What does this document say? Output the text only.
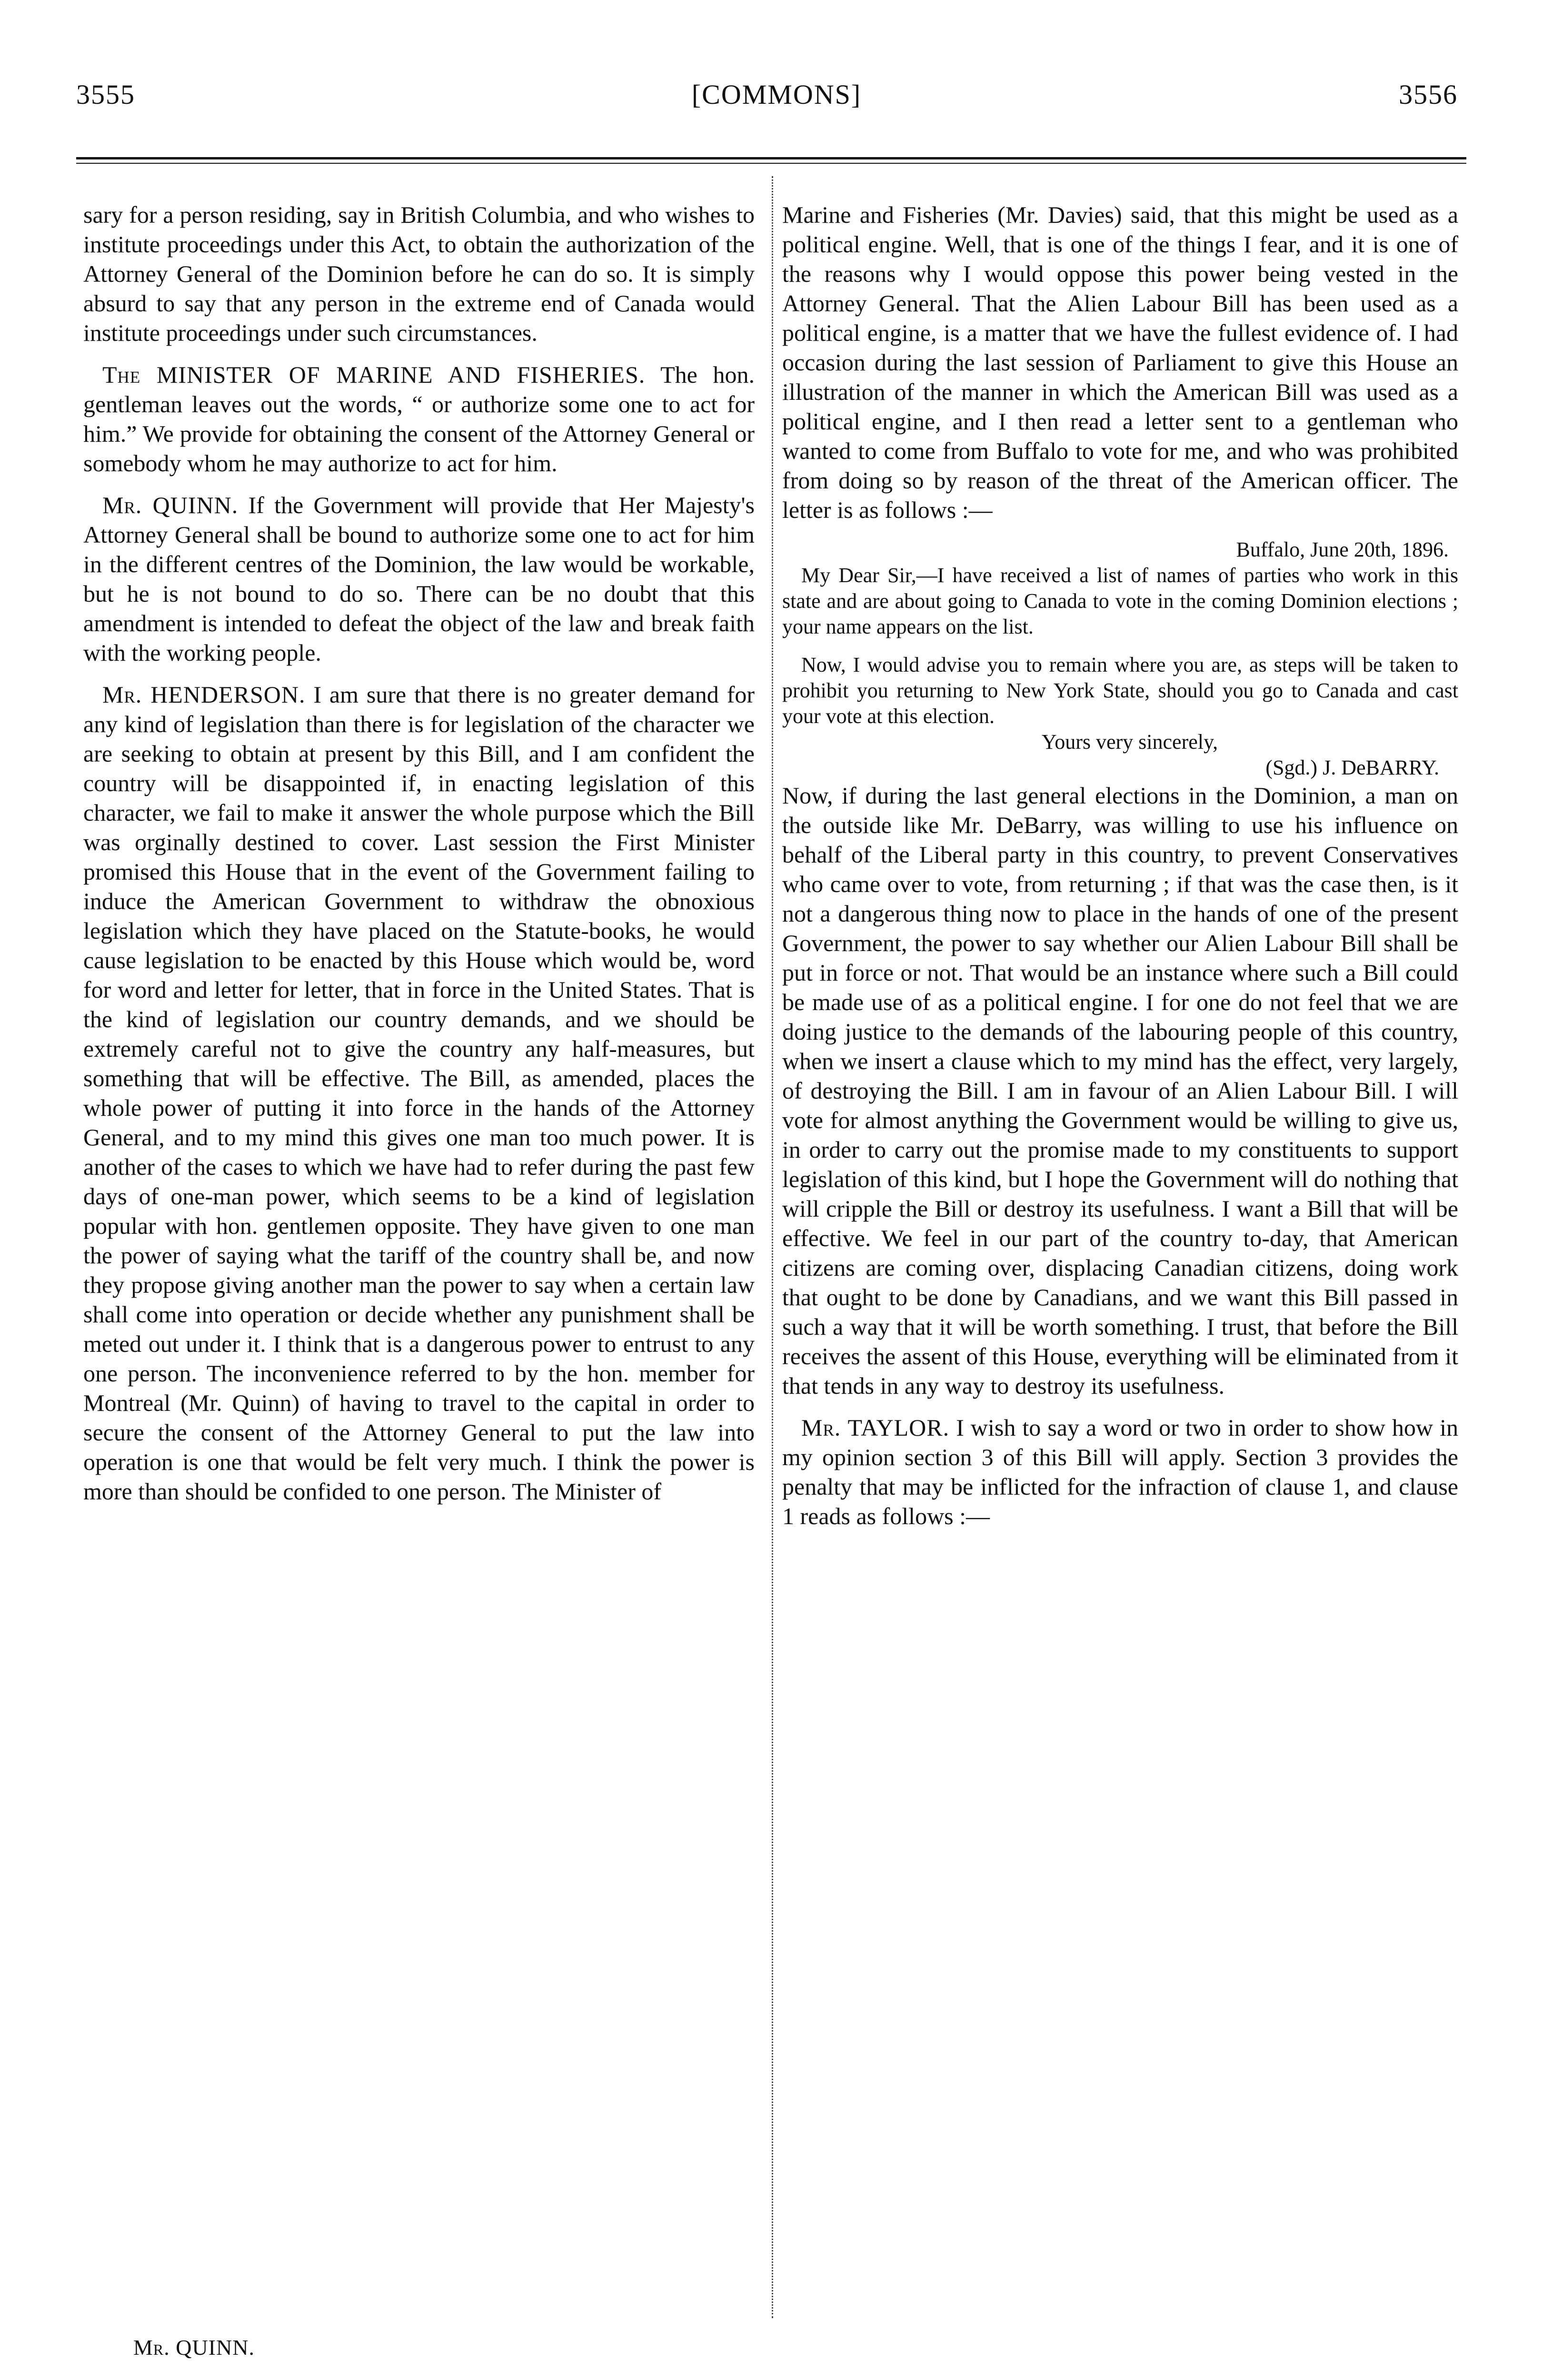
3555	[COMMONS]	3556

sary for a person residing, say in British Columbia, and who wishes to institute proceedings under this Act, to obtain the authorization of the Attorney General of the Dominion before he can do so. It is simply absurd to say that any person in the extreme end of Canada would institute proceedings under such circumstances.

The MINISTER OF MARINE AND FISHERIES. The hon. gentleman leaves out the words, “ or authorize some one to act for him.” We provide for obtaining the consent of the Attorney General or somebody whom he may authorize to act for him.

Mr. QUINN. If the Government will provide that Her Majesty's Attorney General shall be bound to authorize some one to act for him in the different centres of the Dominion, the law would be workable, but he is not bound to do so. There can be no doubt that this amendment is intended to defeat the object of the law and break faith with the working people.

Mr. HENDERSON. I am sure that there is no greater demand for any kind of legislation than there is for legislation of the character we are seeking to obtain at present by this Bill, and I am confident the country will be disappointed if, in enacting legislation of this character, we fail to make it answer the whole purpose which the Bill was orginally destined to cover. Last session the First Minister promised this House that in the event of the Government failing to induce the American Government to withdraw the obnoxious legislation which they have placed on the Statute-books, he would cause legislation to be enacted by this House which would be, word for word and letter for letter, that in force in the United States. That is the kind of legislation our country demands, and we should be extremely careful not to give the country any half-measures, but something that will be effective. The Bill, as amended, places the whole power of putting it into force in the hands of the Attorney General, and to my mind this gives one man too much power. It is another of the cases to which we have had to refer during the past few days of one-man power, which seems to be a kind of legislation popular with hon. gentlemen opposite. They have given to one man the power of saying what the tariff of the country shall be, and now they propose giving another man the power to say when a certain law shall come into operation or decide whether any punishment shall be meted out under it. I think that is a dangerous power to entrust to any one person. The inconvenience referred to by the hon. member for Montreal (Mr. Quinn) of having to travel to the capital in order to secure the consent of the Attorney General to put the law into operation is one that would be felt very much. I think the power is more than should be confided to one person. The Minister of

Marine and Fisheries (Mr. Davies) said, that this might be used as a political engine. Well, that is one of the things I fear, and it is one of the reasons why I would oppose this power being vested in the Attorney General. That the Alien Labour Bill has been used as a political engine, is a matter that we have the fullest evidence of. I had occasion during the last session of Parliament to give this House an illustration of the manner in which the American Bill was used as a political engine, and I then read a letter sent to a gentleman who wanted to come from Buffalo to vote for me, and who was prohibited from doing so by reason of the threat of the American officer. The letter is as follows :—

Buffalo, June 20th, 1896.

My Dear Sir,—I have received a list of names of parties who work in this state and are about going to Canada to vote in the coming Dominion elections ; your name appears on the list.

Now, I would advise you to remain where you are, as steps will be taken to prohibit you returning to New York State, should you go to Canada and cast your vote at this election.

Yours very sincerely,

(Sgd.) J. DeBARRY.

Now, if during the last general elections in the Dominion, a man on the outside like Mr. DeBarry, was willing to use his influence on behalf of the Liberal party in this country, to prevent Conservatives who came over to vote, from returning ; if that was the case then, is it not a dangerous thing now to place in the hands of one of the present Government, the power to say whether our Alien Labour Bill shall be put in force or not. That would be an instance where such a Bill could be made use of as a political engine. I for one do not feel that we are doing justice to the demands of the labouring people of this country, when we insert a clause which to my mind has the effect, very largely, of destroying the Bill. I am in favour of an Alien Labour Bill. I will vote for almost anything the Government would be willing to give us, in order to carry out the promise made to my constituents to support legislation of this kind, but I hope the Government will do nothing that will cripple the Bill or destroy its usefulness. I want a Bill that will be effective. We feel in our part of the country to-day, that American citizens are coming over, displacing Canadian citizens, doing work that ought to be done by Canadians, and we want this Bill passed in such a way that it will be worth something. I trust, that before the Bill receives the assent of this House, everything will be eliminated from it that tends in any way to destroy its usefulness.

Mr. TAYLOR. I wish to say a word or two in order to show how in my opinion section 3 of this Bill will apply. Section 3 provides the penalty that may be inflicted for the infraction of clause 1, and clause 1 reads as follows :—

Mr. QUINN.
